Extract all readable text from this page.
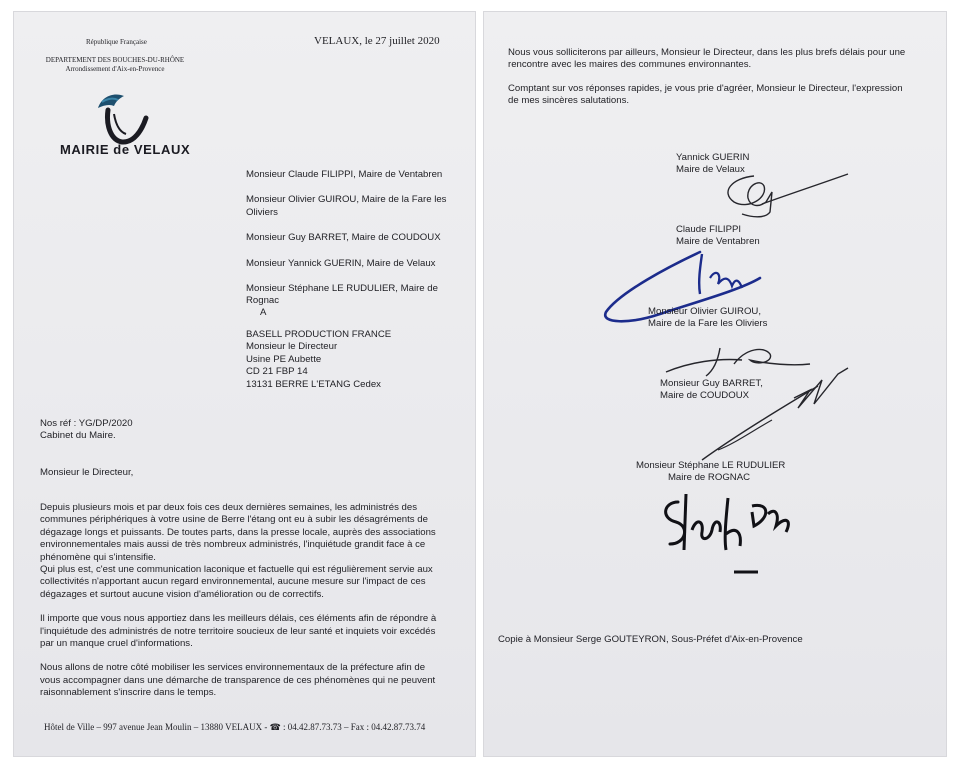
République Française

DEPARTEMENT DES BOUCHES-DU-RHÔNE
Arrondissement d'Aix-en-Provence

MAIRIE de VELAUX

VELAUX, le 27 juillet 2020

Monsieur Claude FILIPPI, Maire de Ventabren
Monsieur Olivier GUIROU, Maire de la Fare les Oliviers
Monsieur Guy BARRET, Maire de COUDOUX
Monsieur Yannick GUERIN, Maire de Velaux
Monsieur Stéphane LE RUDULIER, Maire de Rognac

A

BASELL PRODUCTION FRANCE
Monsieur le Directeur
Usine PE Aubette
CD 21 FBP 14
13131 BERRE L'ETANG Cedex
Nos réf : YG/DP/2020
Cabinet du Maire.

Monsieur le Directeur,

Depuis plusieurs mois et par deux fois ces deux dernières semaines, les administrés des communes périphériques à votre usine de Berre l'étang ont eu à subir les désagréments de dégazage longs et puissants. De toutes parts, dans la presse locale, auprès des associations environnementales mais aussi de très nombreux administrés, l'inquiétude grandit face à ce phénomène qui s'intensifie.
Qui plus est, c'est une communication laconique et factuelle qui est régulièrement servie aux collectivités n'apportant aucun regard environnemental, aucune mesure sur l'impact de ces dégazages et surtout aucune vision d'amélioration ou de correctifs.
Il importe que vous nous apportiez dans les meilleurs délais, ces éléments afin de répondre à l'inquiétude des administrés de notre territoire soucieux de leur santé et inquiets voir excédés par un manque cruel d'informations.
Nous allons de notre côté mobiliser les services environnementaux de la préfecture afin de vous accompagner dans une démarche de transparence de ces phénomènes qui ne peuvent raisonnablement s'inscrire dans le temps.

Hôtel de Ville – 997 avenue Jean Moulin – 13880 VELAUX - ☎ : 04.42.87.73.73 – Fax : 04.42.87.73.74

Nous vous solliciterons par ailleurs, Monsieur le Directeur, dans les plus brefs délais pour une rencontre avec les maires des communes environnantes.
Comptant sur vos réponses rapides, je vous prie d'agréer, Monsieur le Directeur, l'expression de mes sincères salutations.
Yannick GUERIN
Maire de Velaux
Claude FILIPPI
Maire de Ventabren
Monsieur Olivier GUIROU,
Maire de la Fare les Oliviers
Monsieur Guy BARRET,
Maire de COUDOUX
Monsieur Stéphane LE RUDULIER
Maire de ROGNAC

Copie à Monsieur Serge GOUTEYRON, Sous-Préfet d'Aix-en-Provence
